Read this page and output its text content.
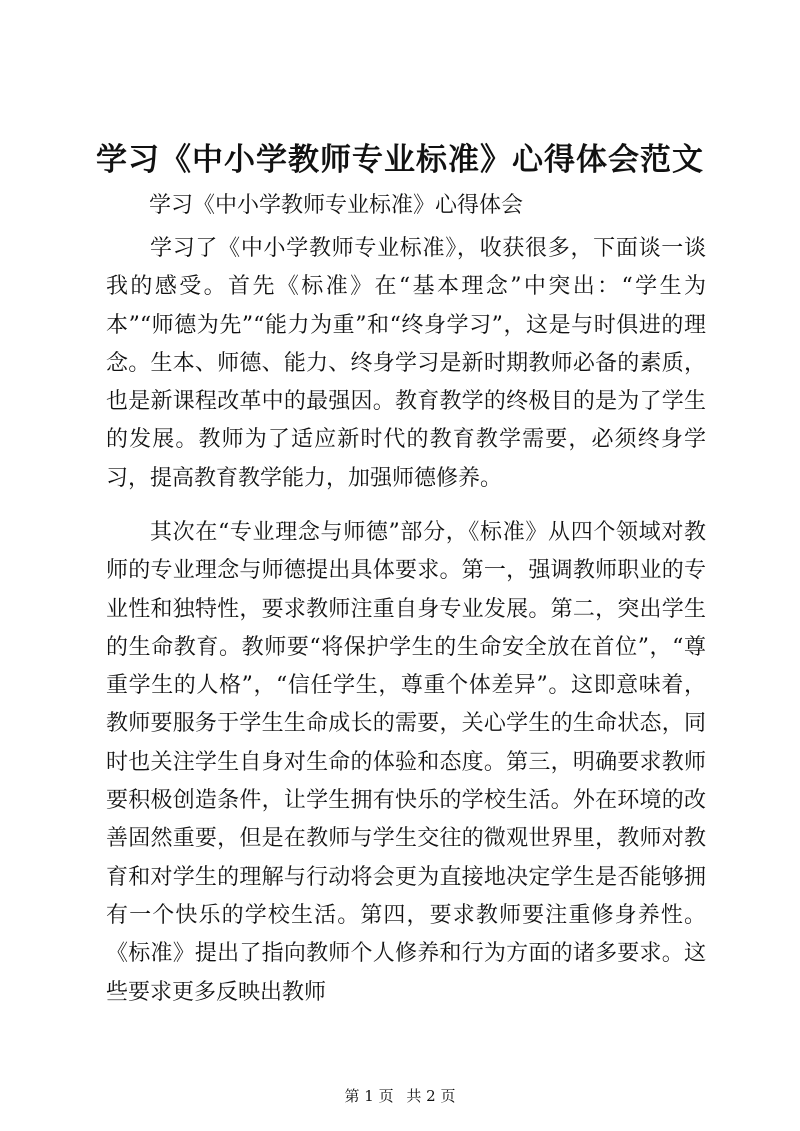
学习《中小学教师专业标准》心得体会范文

学习《中小学教师专业标准》心得体会

学习了《中小学教师专业标准》，收获很多，下面谈一谈我的感受。首先《标准》在“基本理念”中突出：“学生为本”“师德为先”“能力为重”和“终身学习”，这是与时俱进的理念。生本、师德、能力、终身学习是新时期教师必备的素质，也是新课程改革中的最强因。教育教学的终极目的是为了学生的发展。教师为了适应新时代的教育教学需要，必须终身学习，提高教育教学能力，加强师德修养。

其次在“专业理念与师德”部分，《标准》从四个领域对教师的专业理念与师德提出具体要求。第一，强调教师职业的专业性和独特性，要求教师注重自身专业发展。第二，突出学生的生命教育。教师要“将保护学生的生命安全放在首位”，“尊重学生的人格”，“信任学生，尊重个体差异”。这即意味着，教师要服务于学生生命成长的需要，关心学生的生命状态，同时也关注学生自身对生命的体验和态度。第三，明确要求教师要积极创造条件，让学生拥有快乐的学校生活。外在环境的改善固然重要，但是在教师与学生交往的微观世界里，教师对教育和对学生的理解与行动将会更为直接地决定学生是否能够拥有一个快乐的学校生活。第四，要求教师要注重修身养性。《标准》提出了指向教师个人修养和行为方面的诸多要求。这些要求更多反映出教师

第 1 页 共 2 页
